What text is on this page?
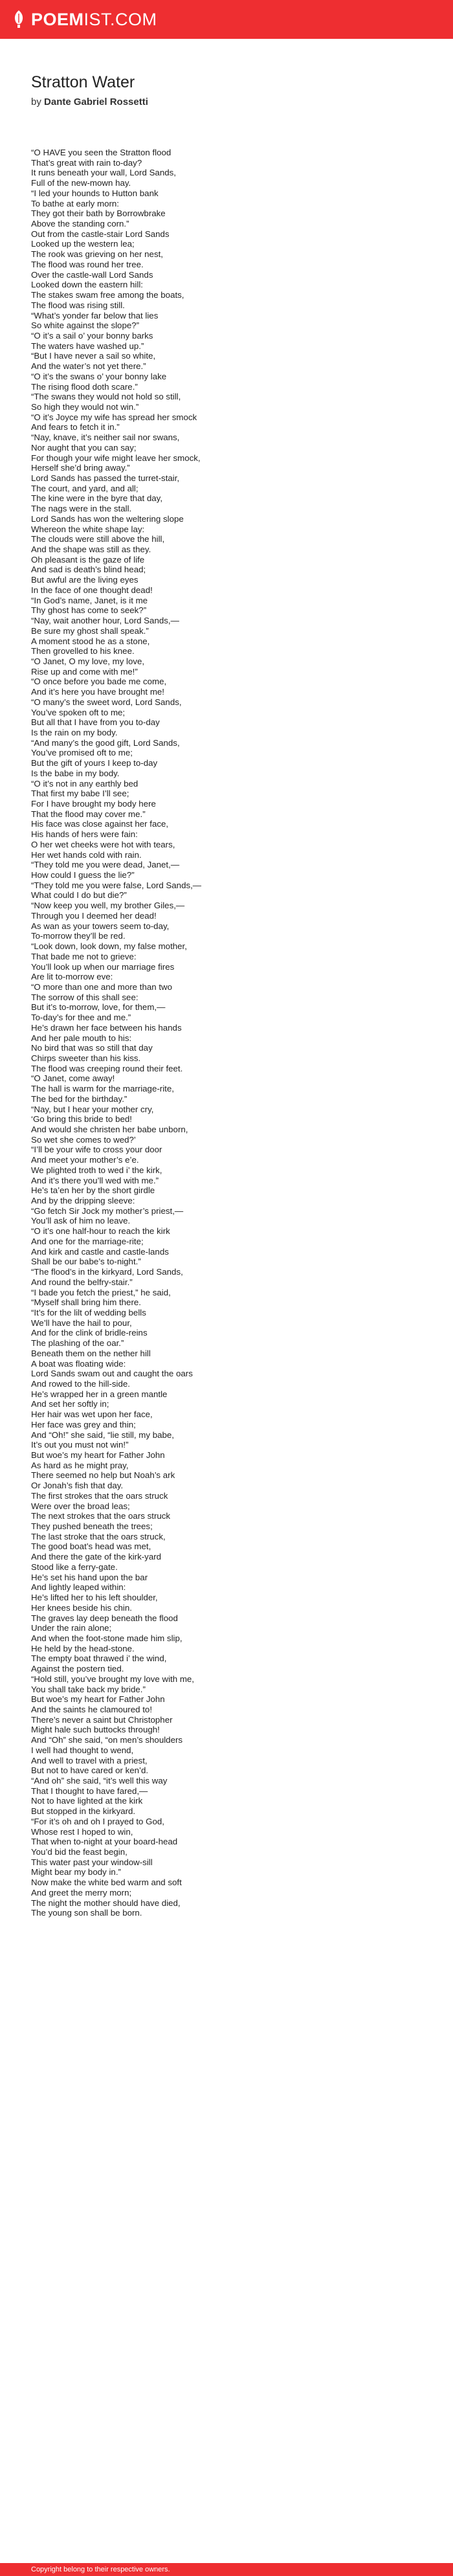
POEMIST.COM
Stratton Water
by Dante Gabriel Rossetti
“O HAVE you seen the Stratton flood
That’s great with rain to-day?
It runs beneath your wall, Lord Sands,
Full of the new-mown hay.
“I led your hounds to Hutton bank
To bathe at early morn:
They got their bath by Borrowbrake
Above the standing corn.”
Out from the castle-stair Lord Sands
Looked up the western lea;
The rook was grieving on her nest,
The flood was round her tree.
Over the castle-wall Lord Sands
Looked down the eastern hill:
The stakes swam free among the boats,
The flood was rising still.
“What’s yonder far below that lies
So white against the slope?”
“O it’s a sail o’ your bonny barks
The waters have washed up.”
“But I have never a sail so white,
And the water’s not yet there.”
“O it’s the swans o’ your bonny lake
The rising flood doth scare.”
“The swans they would not hold so still,
So high they would not win.”
“O it’s Joyce my wife has spread her smock
And fears to fetch it in.”
“Nay, knave, it’s neither sail nor swans,
Nor aught that you can say;
For though your wife might leave her smock,
Herself she’d bring away.”
Lord Sands has passed the turret-stair,
The court, and yard, and all;
The kine were in the byre that day,
The nags were in the stall.
Lord Sands has won the weltering slope
Whereon the white shape lay:
The clouds were still above the hill,
And the shape was still as they.
Oh pleasant is the gaze of life
And sad is death’s blind head;
But awful are the living eyes
In the face of one thought dead!
“In God’s name, Janet, is it me
Thy ghost has come to seek?”
“Nay, wait another hour, Lord Sands,—
Be sure my ghost shall speak.”
A moment stood he as a stone,
Then grovelled to his knee.
“O Janet, O my love, my love,
Rise up and come with me!”
“O once before you bade me come,
And it’s here you have brought me!
“O many’s the sweet word, Lord Sands,
You’ve spoken oft to me;
But all that I have from you to-day
Is the rain on my body.
“And many’s the good gift, Lord Sands,
You’ve promised oft to me;
But the gift of yours I keep to-day
Is the babe in my body.
“O it’s not in any earthly bed
That first my babe I’ll see;
For I have brought my body here
That the flood may cover me.”
His face was close against her face,
His hands of hers were fain:
O her wet cheeks were hot with tears,
Her wet hands cold with rain.
“They told me you were dead, Janet,—
How could I guess the lie?”
“They told me you were false, Lord Sands,—
What could I do but die?”
“Now keep you well, my brother Giles,—
Through you I deemed her dead!
As wan as your towers seem to-day,
To-morrow they’ll be red.
“Look down, look down, my false mother,
That bade me not to grieve:
You’ll look up when our marriage fires
Are lit to-morrow eve:
“O more than one and more than two
The sorrow of this shall see:
But it’s to-morrow, love, for them,—
To-day’s for thee and me.”
He’s drawn her face between his hands
And her pale mouth to his:
No bird that was so still that day
Chirps sweeter than his kiss.
The flood was creeping round their feet.
“O Janet, come away!
The hall is warm for the marriage-rite,
The bed for the birthday.”
“Nay, but I hear your mother cry,
‘Go bring this bride to bed!
And would she christen her babe unborn,
So wet she comes to wed?’
“I’ll be your wife to cross your door
And meet your mother’s e’e.
We plighted troth to wed i’ the kirk,
And it’s there you’ll wed with me.”
He’s ta’en her by the short girdle
And by the dripping sleeve:
“Go fetch Sir Jock my mother’s priest,—
You’ll ask of him no leave.
“O it’s one half-hour to reach the kirk
And one for the marriage-rite;
And kirk and castle and castle-lands
Shall be our babe’s to-night.”
“The flood’s in the kirkyard, Lord Sands,
And round the belfry-stair.”
“I bade you fetch the priest,” he said,
“Myself shall bring him there.
“It’s for the lilt of wedding bells
We’ll have the hail to pour,
And for the clink of bridle-reins
The plashing of the oar.”
Beneath them on the nether hill
A boat was floating wide:
Lord Sands swam out and caught the oars
And rowed to the hill-side.
He’s wrapped her in a green mantle
And set her softly in;
Her hair was wet upon her face,
Her face was grey and thin;
And “Oh!” she said, “lie still, my babe,
It’s out you must not win!”
But woe’s my heart for Father John
As hard as he might pray,
There seemed no help but Noah’s ark
Or Jonah’s fish that day.
The first strokes that the oars struck
Were over the broad leas;
The next strokes that the oars struck
They pushed beneath the trees;
The last stroke that the oars struck,
The good boat’s head was met,
And there the gate of the kirk-yard
Stood like a ferry-gate.
He’s set his hand upon the bar
And lightly leaped within:
He’s lifted her to his left shoulder,
Her knees beside his chin.
The graves lay deep beneath the flood
Under the rain alone;
And when the foot-stone made him slip,
He held by the head-stone.
The empty boat thrawed i’ the wind,
Against the postern tied.
“Hold still, you’ve brought my love with me,
You shall take back my bride.”
But woe’s my heart for Father John
And the saints he clamoured to!
There’s never a saint but Christopher
Might hale such buttocks through!
And “Oh” she said, “on men’s shoulders
I well had thought to wend,
And well to travel with a priest,
But not to have cared or ken’d.
“And oh” she said, “it’s well this way
That I thought to have fared,—
Not to have lighted at the kirk
But stopped in the kirkyard.
“For it’s oh and oh I prayed to God,
Whose rest I hoped to win,
That when to-night at your board-head
You’d bid the feast begin,
This water past your window-sill
Might bear my body in.”
Now make the white bed warm and soft
And greet the merry morn;
The night the mother should have died,
The young son shall be born.
Copyright belong to their respective owners.
